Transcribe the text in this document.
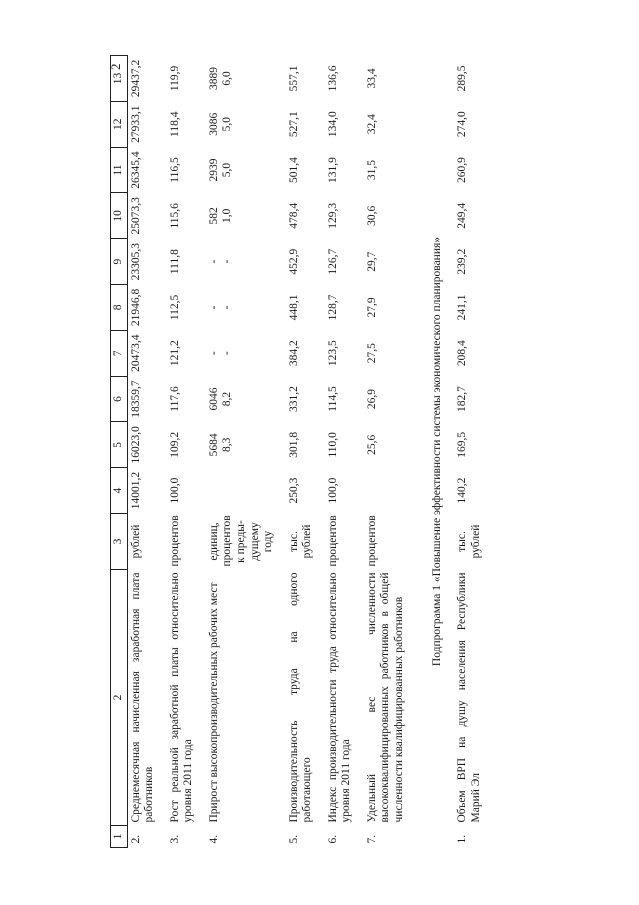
2
1	2	3	4	5	6	7	8	9	10	11	12	13
2.	Среднемесячная начисленная заработная плата работников	рублей	14001,2	16023,0	18359,7	20473,4	21946,8	23305,3	25073,3	26345,4	27933,1	29437,2

3.	Рост реальной заработной платы относительно уровня 2011 года	процентов	100,0	109,2	117,6	121,2	112,5	111,8	115,6	116,5	118,4	119,9

4.	Прирост высокопроизводительных рабочих мест	единиц, процентов к преды-дущему году		5684 8,3	6046 8,2	- -	- -	- -	582 1,0	2939 5,0	3086 5,0	3889 6,0

5.	Производительность труда на одного работающего	тыс. рублей	250,3	301,8	331,2	384,2	448,1	452,9	478,4	501,4	527,1	557,1

6.	Индекс производительности труда относительно уровня 2011 года	процентов	100,0	110,0	114,5	123,5	128,7	126,7	129,3	131,9	134,0	136,6

7.	Удельный вес численности высококвалифицированных работников в общей численности квалифицированных работников	процентов		25,6	26,9	27,5	27,9	29,7	30,6	31,5	32,4	33,4

Подпрограмма 1 «Повышение эффективности системы экономического планирования»												
1.	Объем ВРП на душу населения Республики Марий Эл	тыс. рублей	140,2	169,5	182,7	208,4	241,1	239,2	249,4	260,9	274,0	289,5
